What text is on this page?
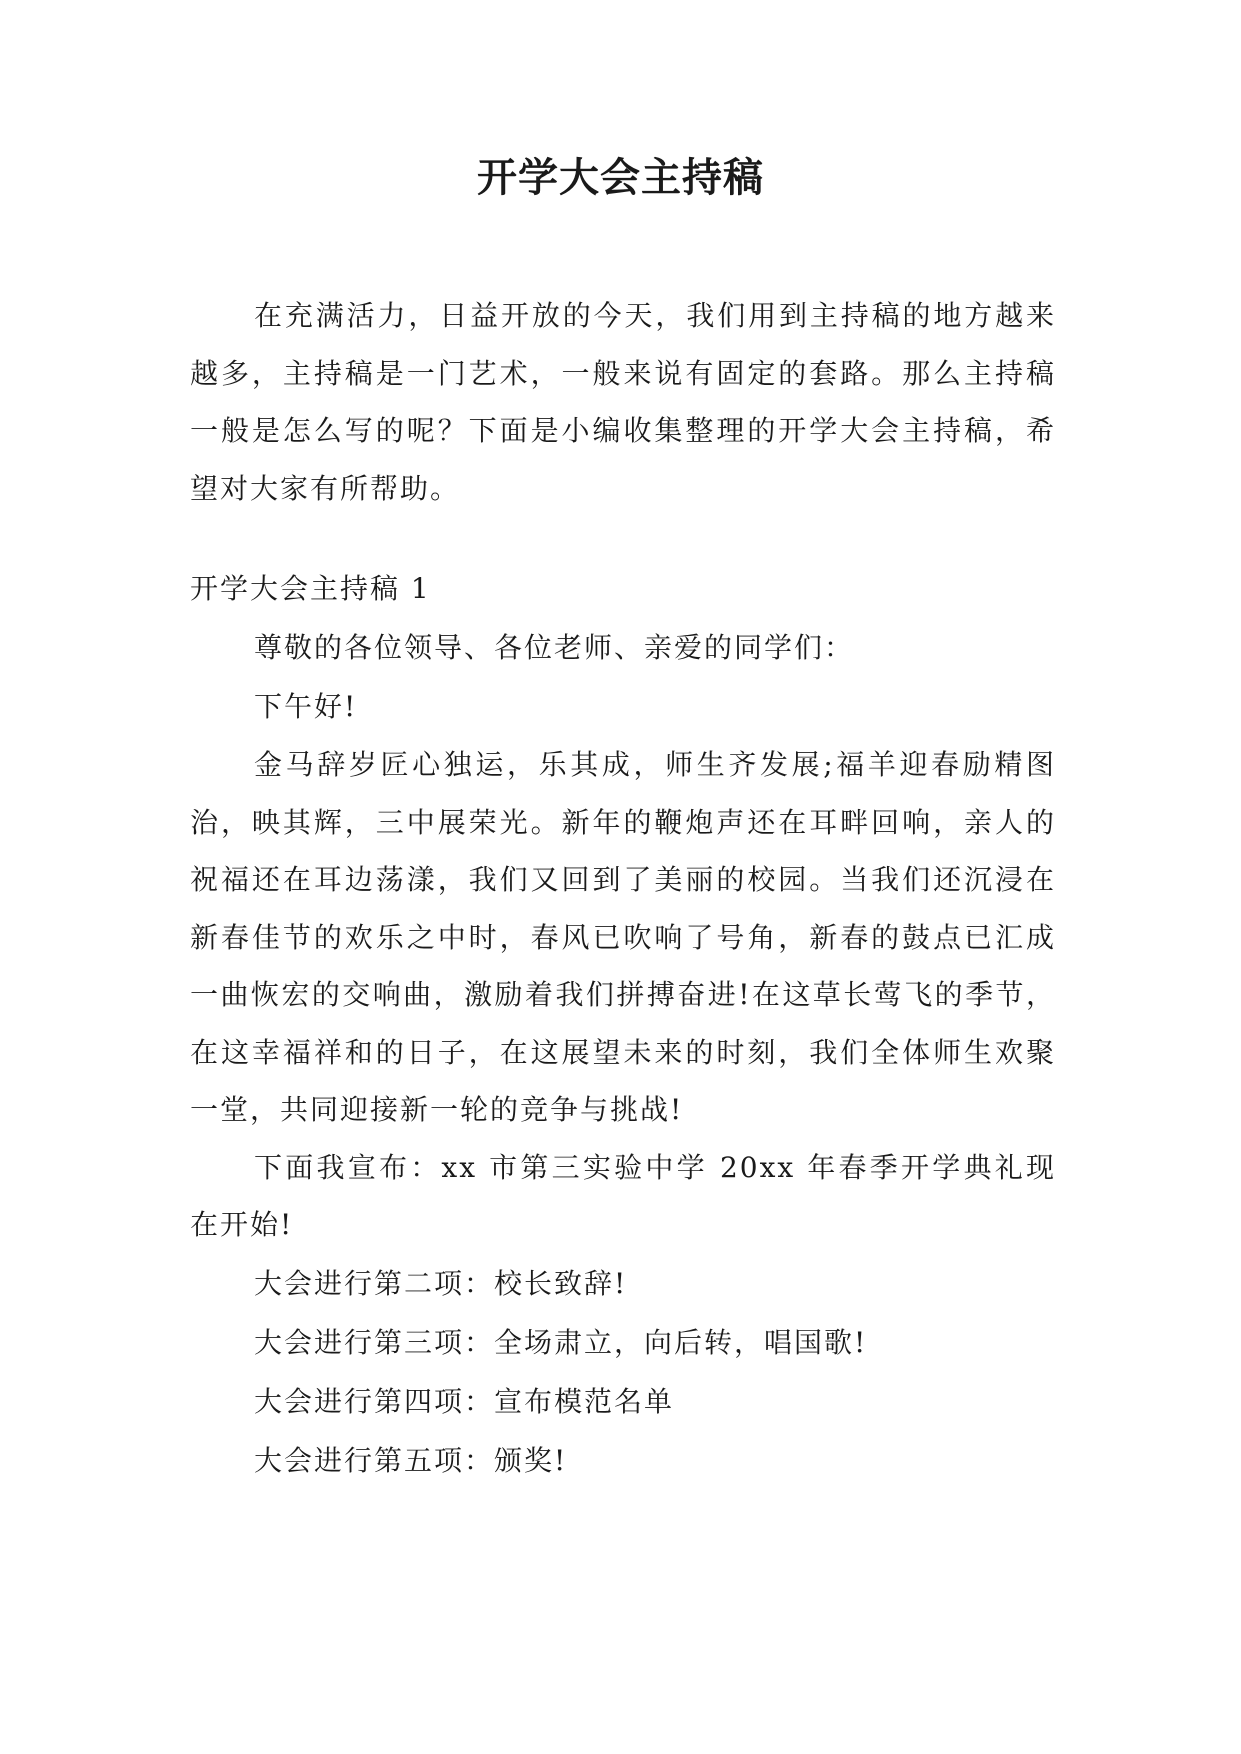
开学大会主持稿

在充满活力，日益开放的今天，我们用到主持稿的地方越来越多，主持稿是一门艺术，一般来说有固定的套路。那么主持稿一般是怎么写的呢？下面是小编收集整理的开学大会主持稿，希望对大家有所帮助。

开学大会主持稿 1

尊敬的各位领导、各位老师、亲爱的同学们：

下午好!

金马辞岁匠心独运，乐其成，师生齐发展;福羊迎春励精图治，映其辉，三中展荣光。新年的鞭炮声还在耳畔回响，亲人的祝福还在耳边荡漾，我们又回到了美丽的校园。当我们还沉浸在新春佳节的欢乐之中时，春风已吹响了号角，新春的鼓点已汇成一曲恢宏的交响曲，激励着我们拼搏奋进!在这草长莺飞的季节，在这幸福祥和的日子，在这展望未来的时刻，我们全体师生欢聚一堂，共同迎接新一轮的竞争与挑战!

下面我宣布：xx 市第三实验中学 20xx 年春季开学典礼现在开始!

大会进行第二项：校长致辞!

大会进行第三项：全场肃立，向后转，唱国歌!

大会进行第四项：宣布模范名单

大会进行第五项：颁奖!
